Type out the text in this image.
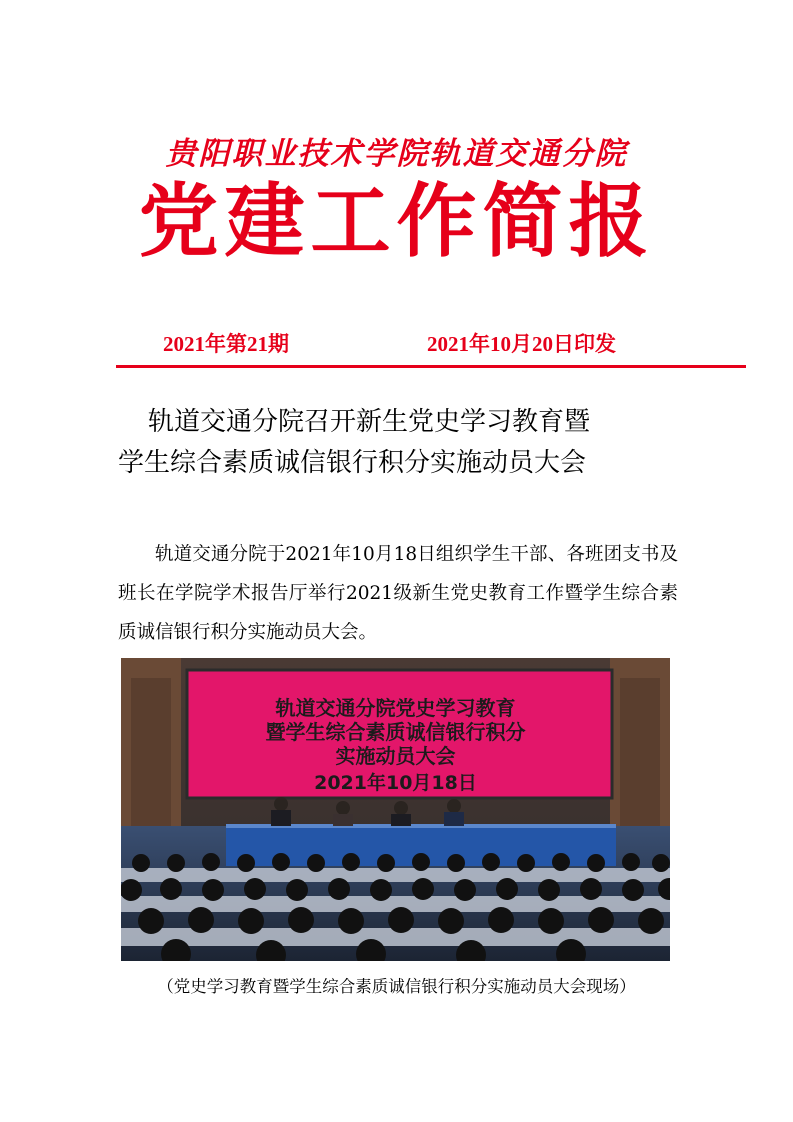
贵阳职业技术学院轨道交通分院
党建工作简报
2021年第21期	2021年10月20日印发
轨道交通分院召开新生党史学习教育暨
学生综合素质诚信银行积分实施动员大会
轨道交通分院于2021年10月18日组织学生干部、各班团支书及班长在学院学术报告厅举行2021级新生党史教育工作暨学生综合素质诚信银行积分实施动员大会。
轨道交通分院党史学习教育
暨学生综合素质诚信银行积分
实施动员大会
2021年10月18日
（党史学习教育暨学生综合素质诚信银行积分实施动员大会现场）
